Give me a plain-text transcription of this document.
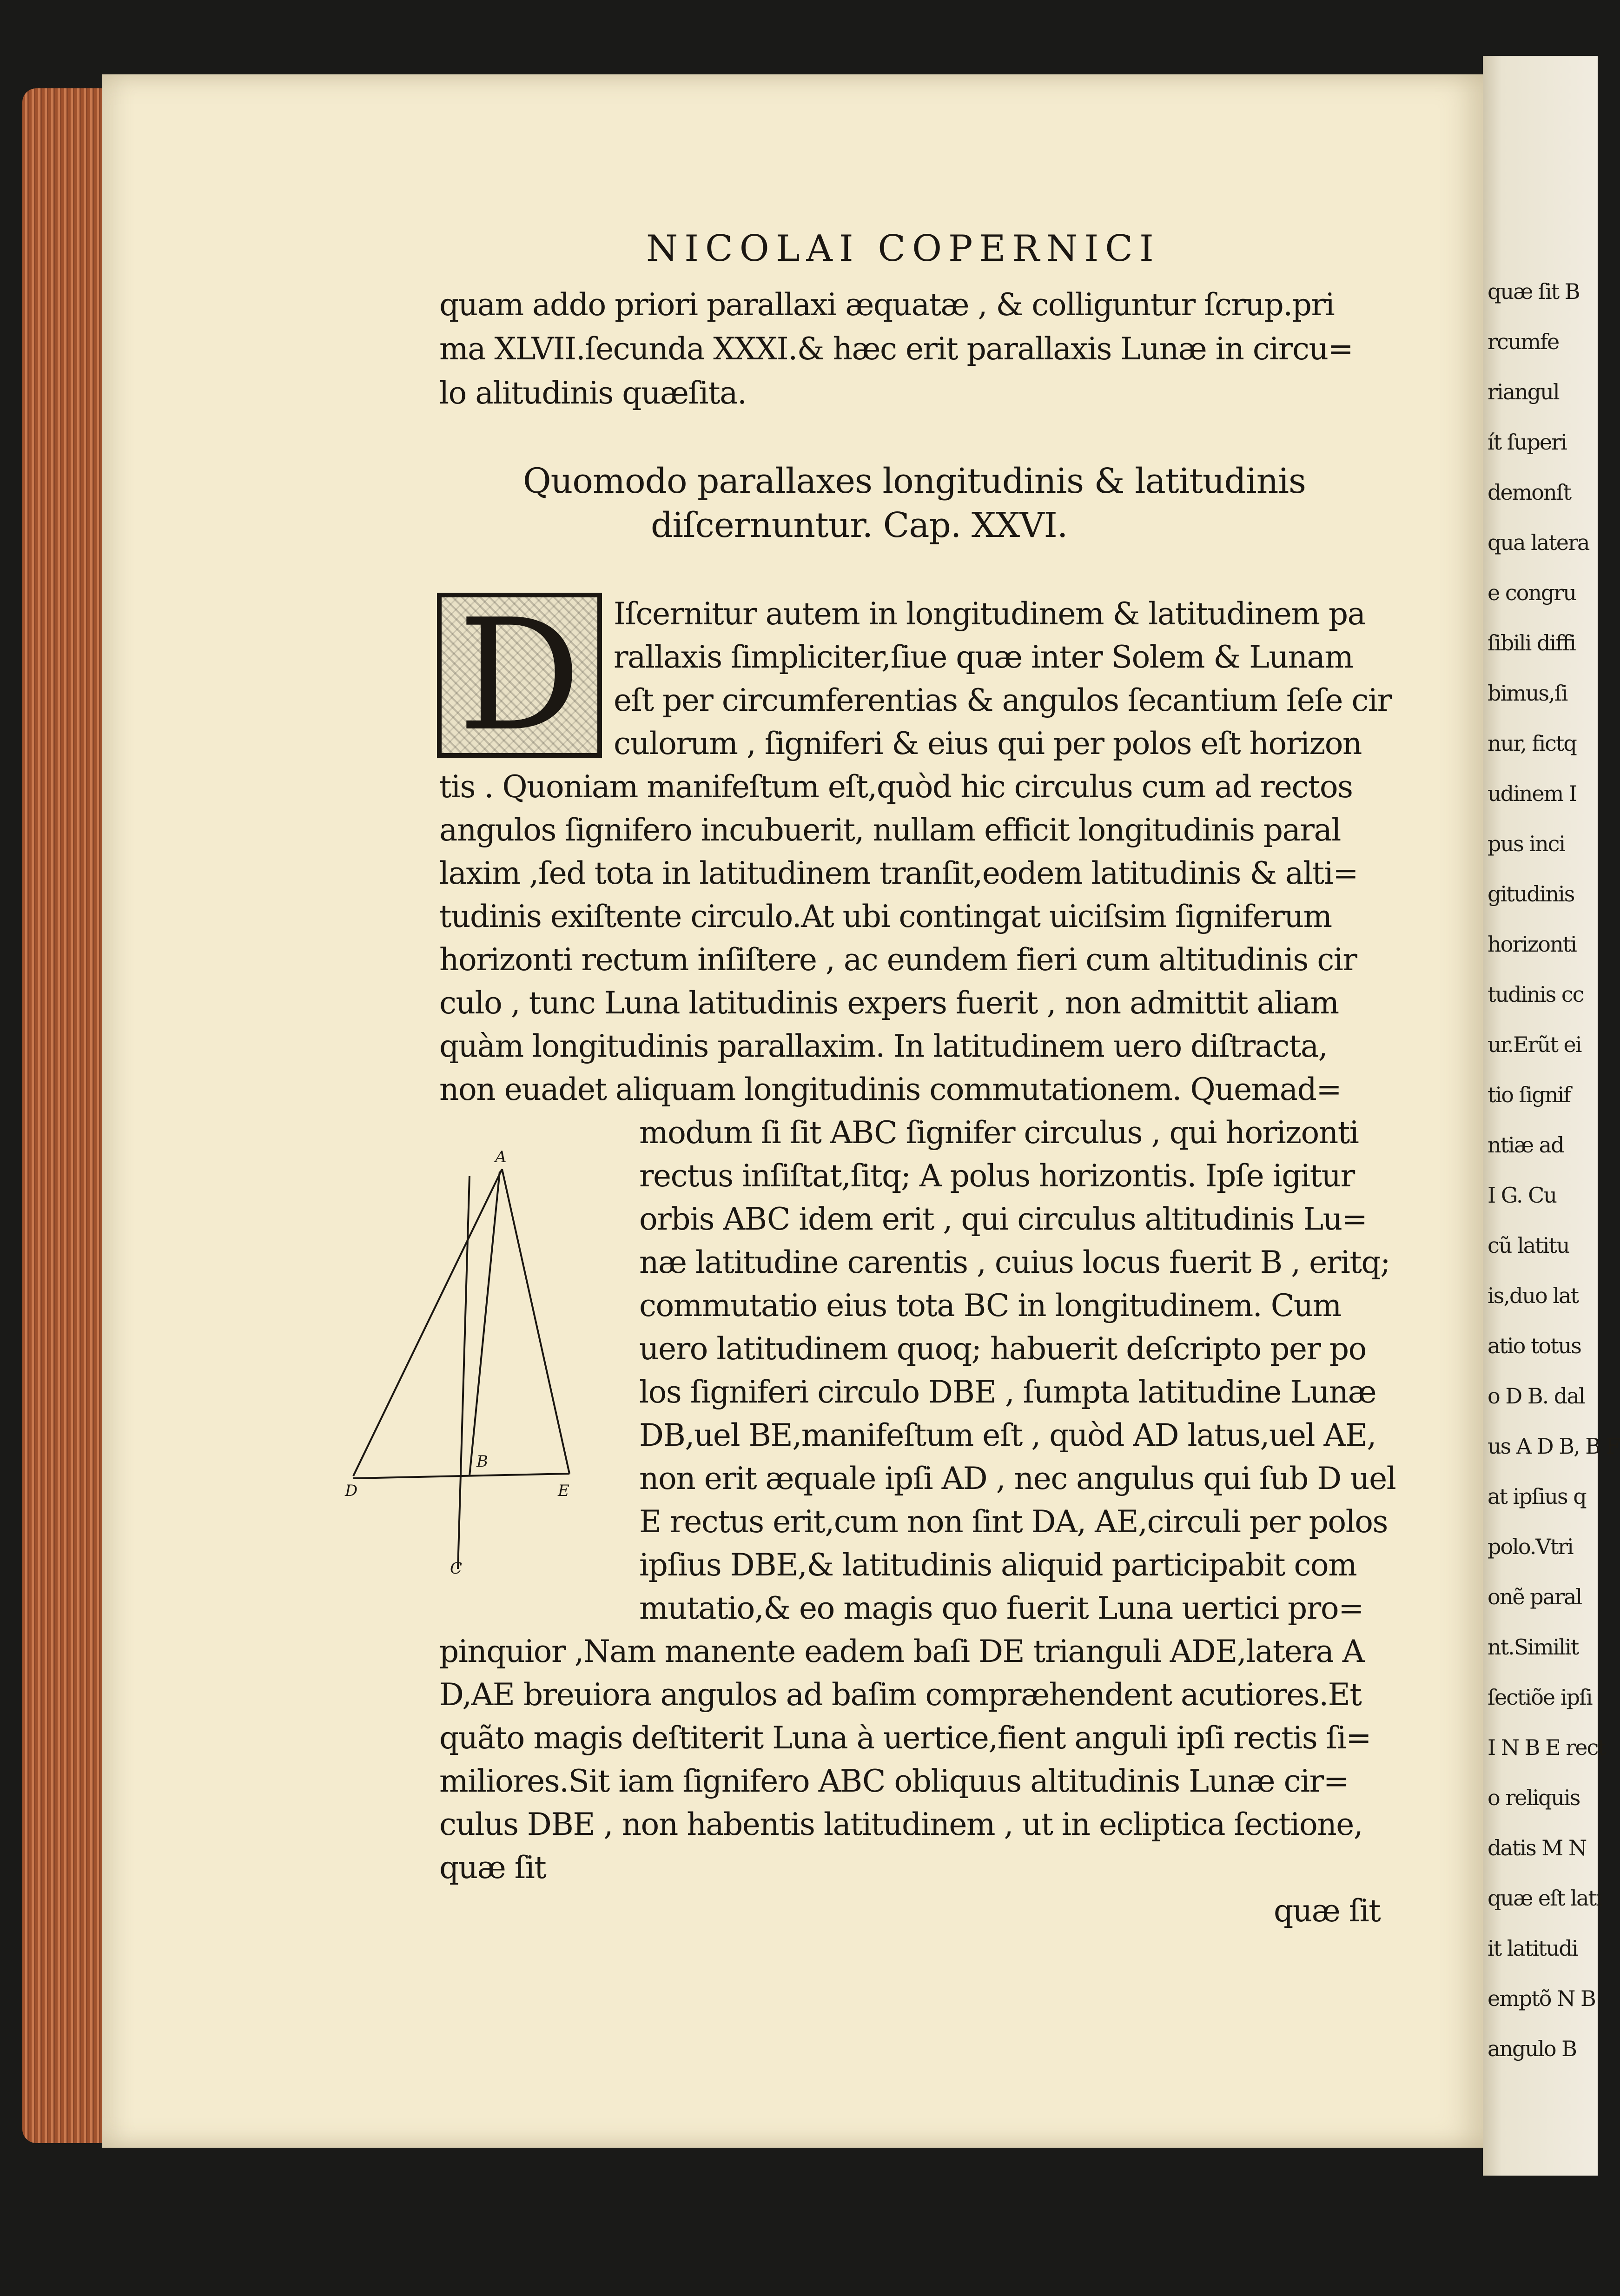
quæ ſit B
rcumfe
riangul
ít ſuperi
demonſt
qua latera
e congru
ſibili diffi
bimus,ſi
nur, fictq
udinem I
pus inci
gitudinis
horizonti
tudinis cc
ur.Erũt ei
tio ſignif
ntiæ ad
I G. Cu
cũ latitu
is,duo lat
atio totus
o D B. dal
us A D B, B F
at ipſius q
polo.Vtri
onẽ paral
nt.Similit
ſectiõe ipſi
I N B E rect
o reliquis
datis M N
quæ eſt lati
it latitudi
emptõ N B
angulo B
NICOLAI COPERNICI
quam addo priori parallaxi æquatæ , & colliguntur ſcrup.pri
ma XLVII.ſecunda XXXI.& hæc erit parallaxis Lunæ in circu=
lo alitudinis quæſita.
Quomodo parallaxes longitudinis & latitudinis
diſcernuntur. Cap. XXVI.
D Iſcernitur autem in longitudinem & latitudinem pa
rallaxis ſimpliciter,ſiue quæ inter Solem & Lunam
eſt per circumferentias & angulos ſecantium ſeſe cir
culorum , ſigniferi & eius qui per polos eſt horizon
tis . Quoniam manifeſtum eſt,quòd hic circulus cum ad rectos
angulos ſignifero incubuerit, nullam efficit longitudinis paral
laxim ,ſed tota in latitudinem tranſit,eodem latitudinis & alti=
tudinis exiſtente circulo.At ubi contingat uiciſsim ſigniferum
horizonti rectum inſiſtere , ac eundem fieri cum altitudinis cir
culo , tunc Luna latitudinis expers fuerit , non admittit aliam
quàm longitudinis parallaxim. In latitudinem uero diſtracta,
non euadet aliquam longitudinis commutationem. Quemad=
modum ſi ſit ABC ſignifer circulus , qui horizonti
rectus inſiſtat,ſitq; A polus horizontis. Ipſe igitur
orbis ABC idem erit , qui circulus altitudinis Lu=
næ latitudine carentis , cuius locus fuerit B , eritq;
commutatio eius tota BC in longitudinem. Cum
uero latitudinem quoq; habuerit deſcripto per po
los ſigniferi circulo DBE , ſumpta latitudine Lunæ
DB,uel BE,manifeſtum eſt , quòd AD latus,uel AE,
non erit æquale ipſi AD , nec angulus qui ſub D uel
E rectus erit,cum non ſint DA, AE,circuli per polos
ipſius DBE,& latitudinis aliquid participabit com
mutatio,& eo magis quo fuerit Luna uertici pro=
pinquior ,Nam manente eadem baſi DE trianguli ADE,latera A
D,AE breuiora angulos ad baſim compræhendent acutiores.Et
quãto magis deſtiterit Luna à uertice,fient anguli ipſi rectis ſi=
miliores.Sit iam ſignifero ABC obliquus altitudinis Lunæ cir=
culus DBE , non habentis latitudinem , ut in ecliptica ſectione,
quæ ſit
quæ ſit
A
B
C
D	E
